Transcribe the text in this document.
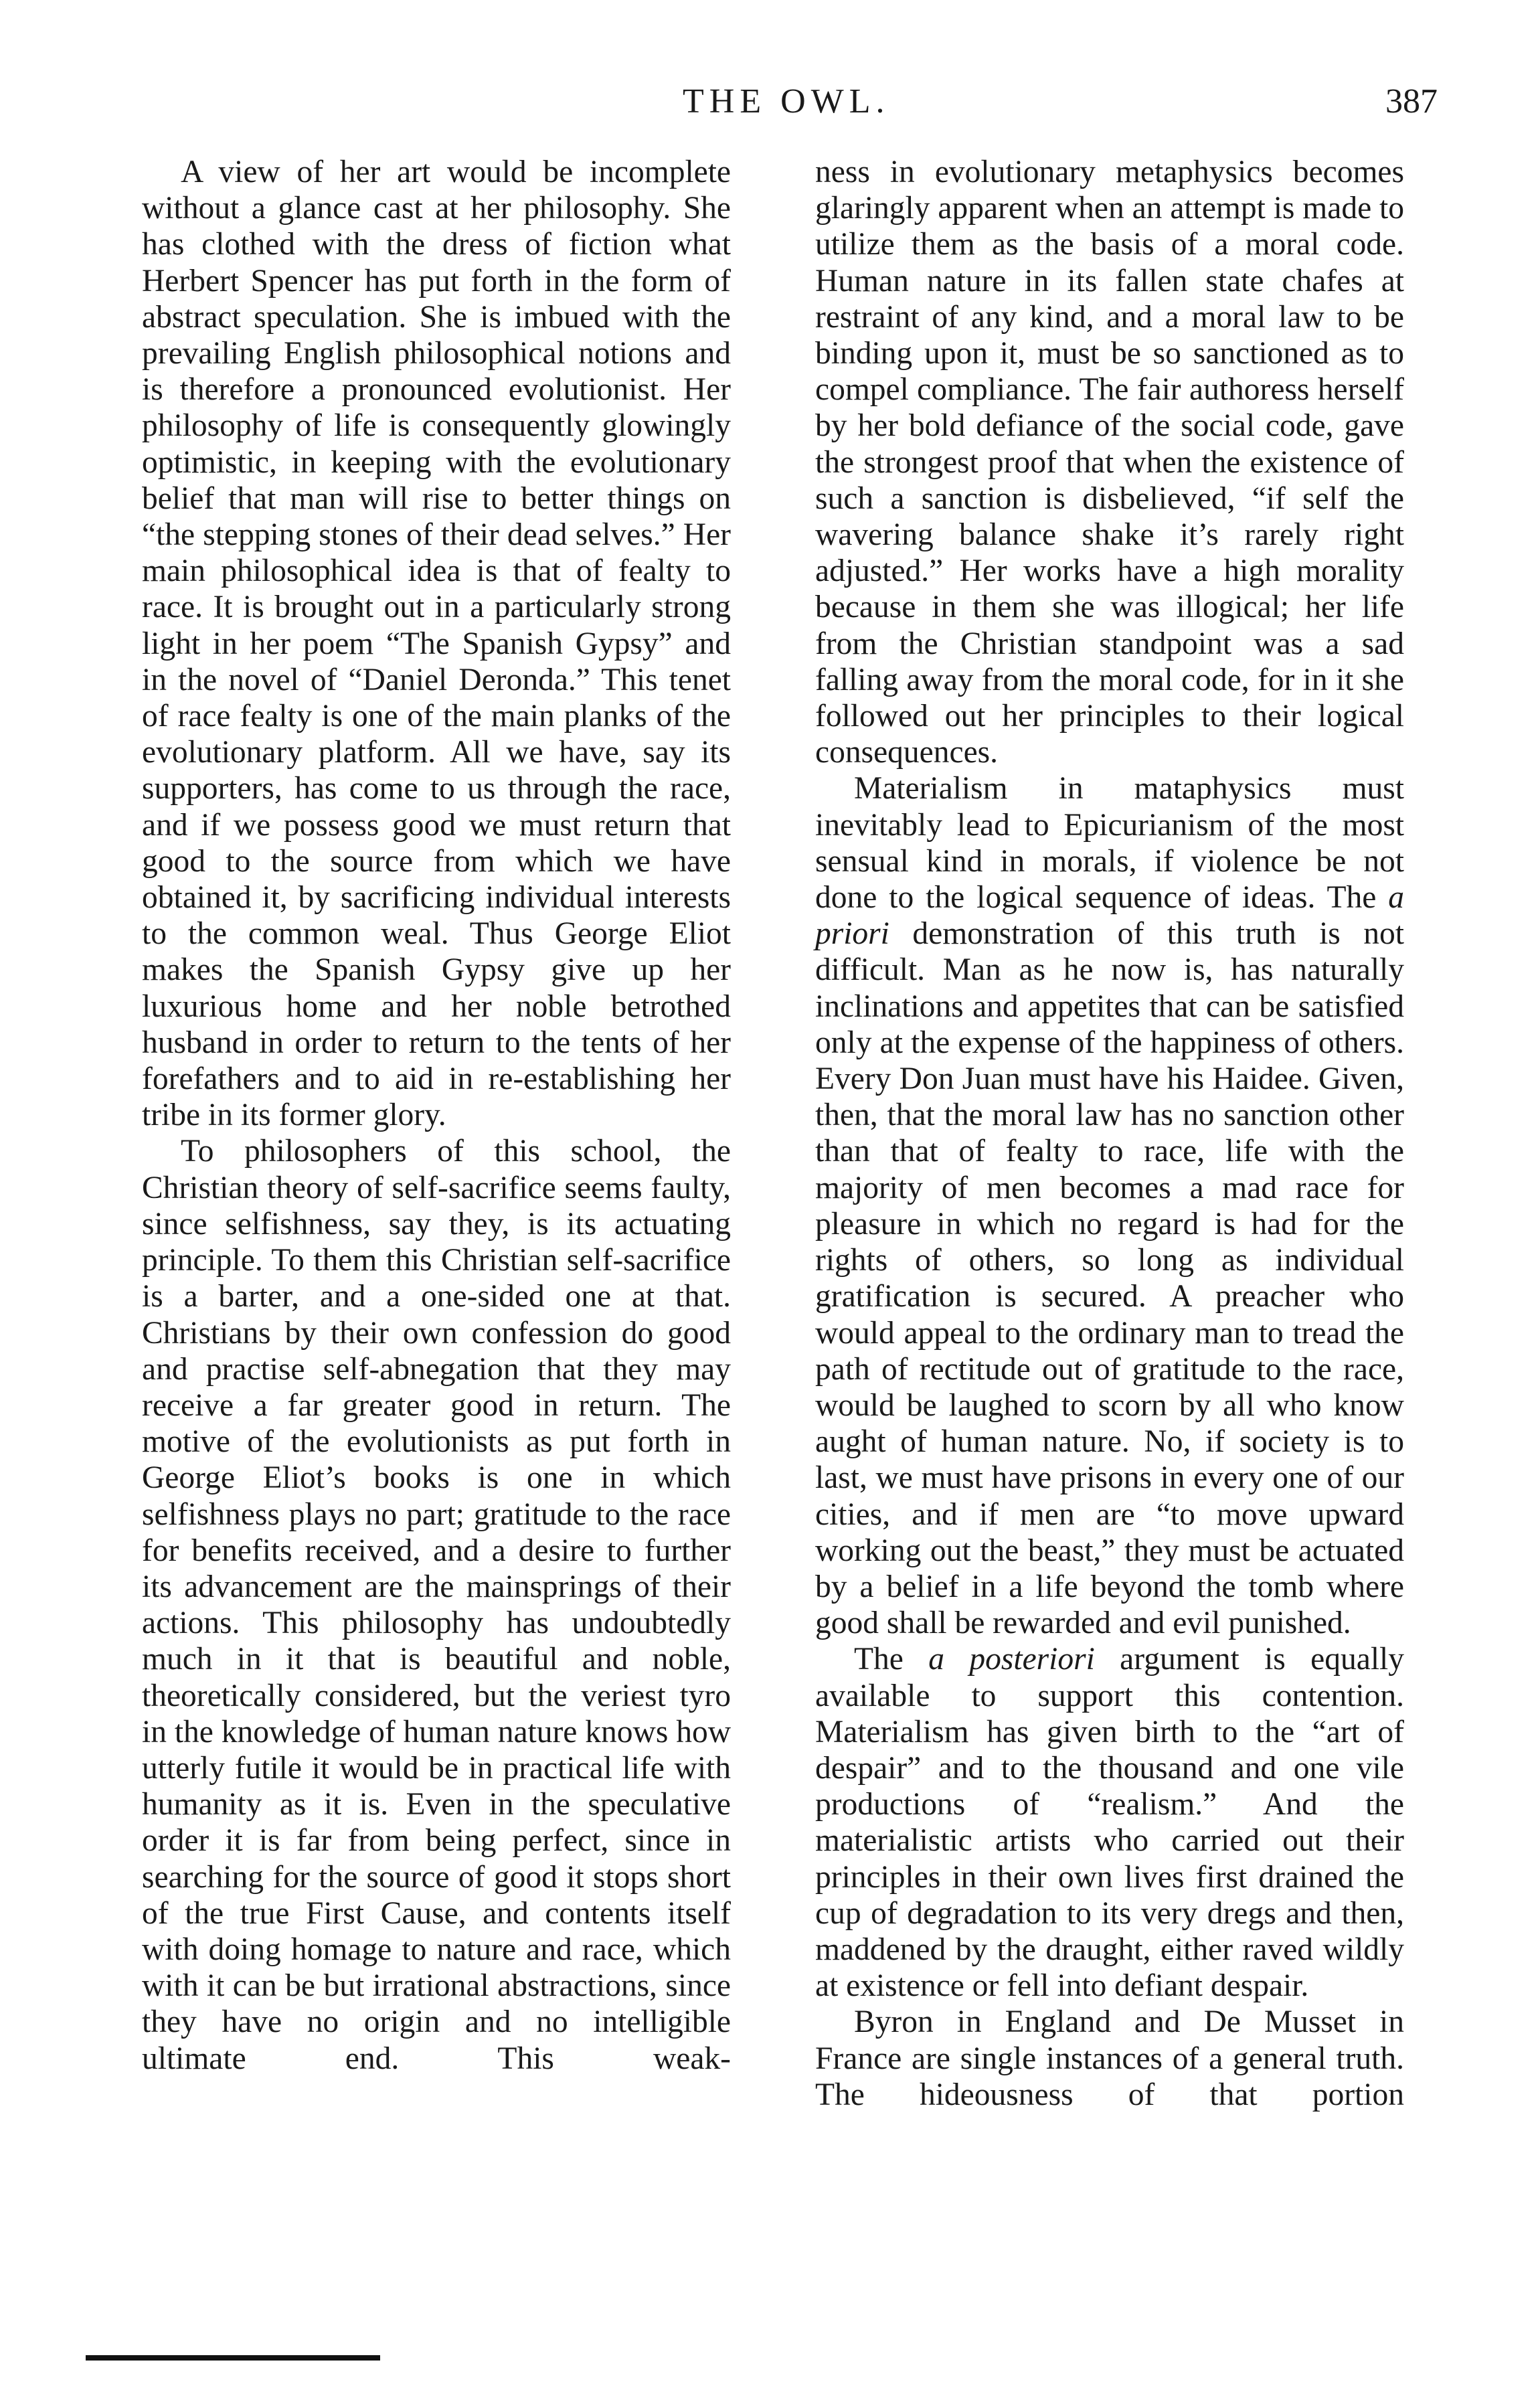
THE OWL.	387

A view of her art would be incomplete without a glance cast at her philosophy. She has clothed with the dress of fiction what Herbert Spencer has put forth in the form of abstract speculation. She is imbued with the prevailing English philosophical notions and is therefore a pronounced evolutionist. Her philosophy of life is consequently glowingly optimistic, in keeping with the evolutionary belief that man will rise to better things on “the stepping stones of their dead selves.” Her main philosophical idea is that of fealty to race. It is brought out in a particularly strong light in her poem “The Spanish Gypsy” and in the novel of “Daniel Deronda.” This tenet of race fealty is one of the main planks of the evolutionary platform. All we have, say its supporters, has come to us through the race, and if we possess good we must return that good to the source from which we have obtained it, by sacrificing individual interests to the common weal. Thus George Eliot makes the Spanish Gypsy give up her luxurious home and her noble betrothed husband in order to return to the tents of her forefathers and to aid in re-establishing her tribe in its former glory.

To philosophers of this school, the Christian theory of self-sacrifice seems faulty, since selfishness, say they, is its actuating principle. To them this Christian self-sacrifice is a barter, and a one-sided one at that. Christians by their own confession do good and practise self-abnegation that they may receive a far greater good in return. The motive of the evolutionists as put forth in George Eliot’s books is one in which selfishness plays no part; gratitude to the race for benefits received, and a desire to further its advancement are the mainsprings of their actions. This philosophy has undoubtedly much in it that is beautiful and noble, theoretically considered, but the veriest tyro in the knowledge of human nature knows how utterly futile it would be in practical life with humanity as it is. Even in the speculative order it is far from being perfect, since in searching for the source of good it stops short of the true First Cause, and contents itself with doing homage to nature and race, which with it can be but irrational abstractions, since they have no origin and no intelligible ultimate end. This weak-

ness in evolutionary metaphysics becomes glaringly apparent when an attempt is made to utilize them as the basis of a moral code. Human nature in its fallen state chafes at restraint of any kind, and a moral law to be binding upon it, must be so sanctioned as to compel compliance. The fair authoress herself by her bold defiance of the social code, gave the strongest proof that when the existence of such a sanction is disbelieved, “if self the wavering balance shake it’s rarely right adjusted.” Her works have a high morality because in them she was illogical; her life from the Christian standpoint was a sad falling away from the moral code, for in it she followed out her principles to their logical consequences.

Materialism in mataphysics must inevitably lead to Epicurianism of the most sensual kind in morals, if violence be not done to the logical sequence of ideas. The a priori demonstration of this truth is not difficult. Man as he now is, has naturally inclinations and appetites that can be satisfied only at the expense of the happiness of others. Every Don Juan must have his Haidee. Given, then, that the moral law has no sanction other than that of fealty to race, life with the majority of men becomes a mad race for pleasure in which no regard is had for the rights of others, so long as individual gratification is secured. A preacher who would appeal to the ordinary man to tread the path of rectitude out of gratitude to the race, would be laughed to scorn by all who know aught of human nature. No, if society is to last, we must have prisons in every one of our cities, and if men are “to move upward working out the beast,” they must be actuated by a belief in a life beyond the tomb where good shall be rewarded and evil punished.

The a posteriori argument is equally available to support this contention. Materialism has given birth to the “art of despair” and to the thousand and one vile productions of “realism.” And the materialistic artists who carried out their principles in their own lives first drained the cup of degradation to its very dregs and then, maddened by the draught, either raved wildly at existence or fell into defiant despair.

Byron in England and De Musset in France are single instances of a general truth. The hideousness of that portion
